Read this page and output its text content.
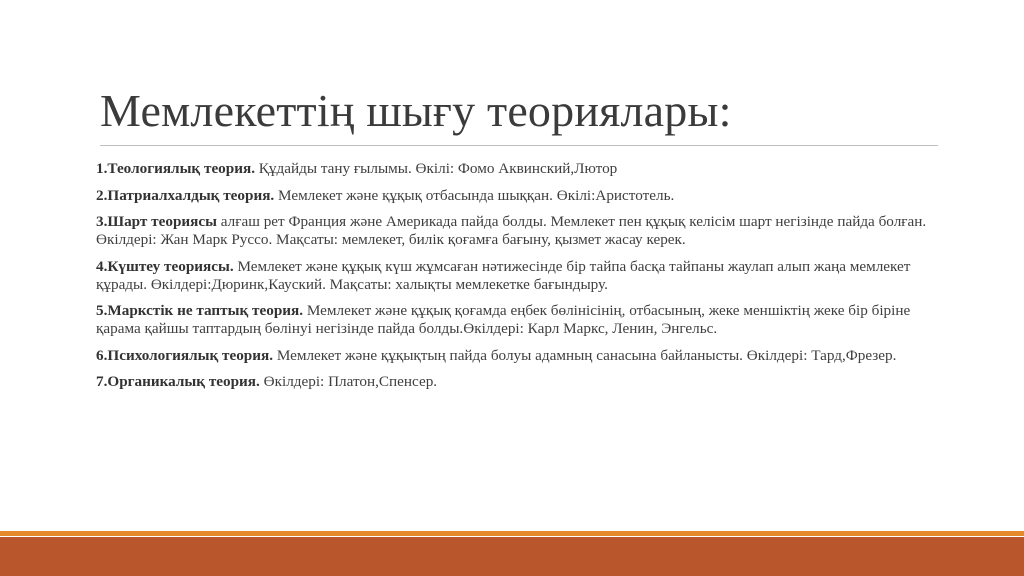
Мемлекеттің шығу теориялары:

1.Теологиялық теория. Құдайды тану ғылымы. Өкілі: Фомо Аквинский,Лютор

2.Патриалхалдық теория. Мемлекет және құқық отбасында шыққан. Өкілі:Аристотель.

3.Шарт теориясы алғаш рет Франция және Америкада пайда болды. Мемлекет пен құқық келісім шарт негізінде пайда болған. Өкілдері: Жан Марк Руссо. Мақсаты: мемлекет, билік қоғамға бағыну, қызмет жасау керек.

4.Күштеу теориясы. Мемлекет және құқық күш жұмсаған нәтижесінде бір тайпа басқа тайпаны жаулап алып жаңа мемлекет құрады. Өкілдері:Дюринк,Кауский. Мақсаты: халықты мемлекетке бағындыру.

5.Маркстік не таптық теория. Мемлекет және құқық қоғамда еңбек бөлінісінің, отбасының, жеке меншіктің жеке бір біріне қарама қайшы таптардың бөлінуі негізінде пайда болды.Өкілдері: Карл Маркс, Ленин, Энгельс.

6.Психологиялық теория. Мемлекет және құқықтың пайда болуы адамның санасына байланысты. Өкілдері: Тард,Фрезер.

7.Органикалық теория. Өкілдері: Платон,Спенсер.
